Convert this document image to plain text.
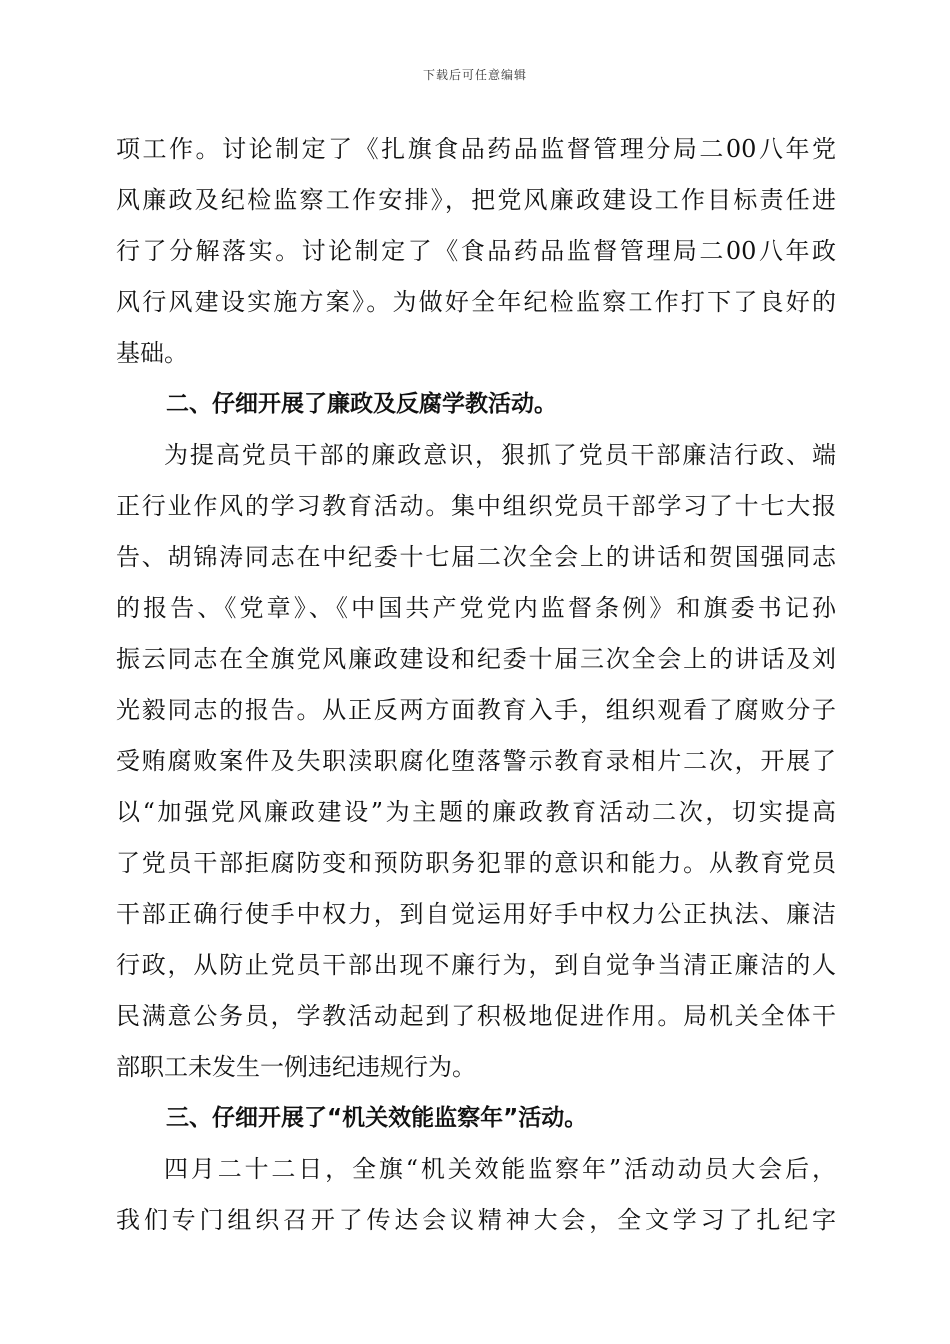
下载后可任意编辑
项工作。讨论制定了《扎旗食品药品监督管理分局二00八年党
风廉政及纪检监察工作安排》，把党风廉政建设工作目标责任进
行了分解落实。讨论制定了《食品药品监督管理局二00八年政
风行风建设实施方案》。为做好全年纪检监察工作打下了良好的
基础。
二、仔细开展了廉政及反腐学教活动。
为提高党员干部的廉政意识，狠抓了党员干部廉洁行政、端
正行业作风的学习教育活动。集中组织党员干部学习了十七大报
告、胡锦涛同志在中纪委十七届二次全会上的讲话和贺国强同志
的报告、《党章》、《中国共产党党内监督条例》和旗委书记孙
振云同志在全旗党风廉政建设和纪委十届三次全会上的讲话及刘
光毅同志的报告。从正反两方面教育入手，组织观看了腐败分子
受贿腐败案件及失职渎职腐化堕落警示教育录相片二次，开展了
以“加强党风廉政建设”为主题的廉政教育活动二次，切实提高
了党员干部拒腐防变和预防职务犯罪的意识和能力。从教育党员
干部正确行使手中权力，到自觉运用好手中权力公正执法、廉洁
行政，从防止党员干部出现不廉行为，到自觉争当清正廉洁的人
民满意公务员，学教活动起到了积极地促进作用。局机关全体干
部职工未发生一例违纪违规行为。
三、仔细开展了“机关效能监察年”活动。
四月二十二日，全旗“机关效能监察年”活动动员大会后，
我们专门组织召开了传达会议精神大会，全文学习了扎纪字
